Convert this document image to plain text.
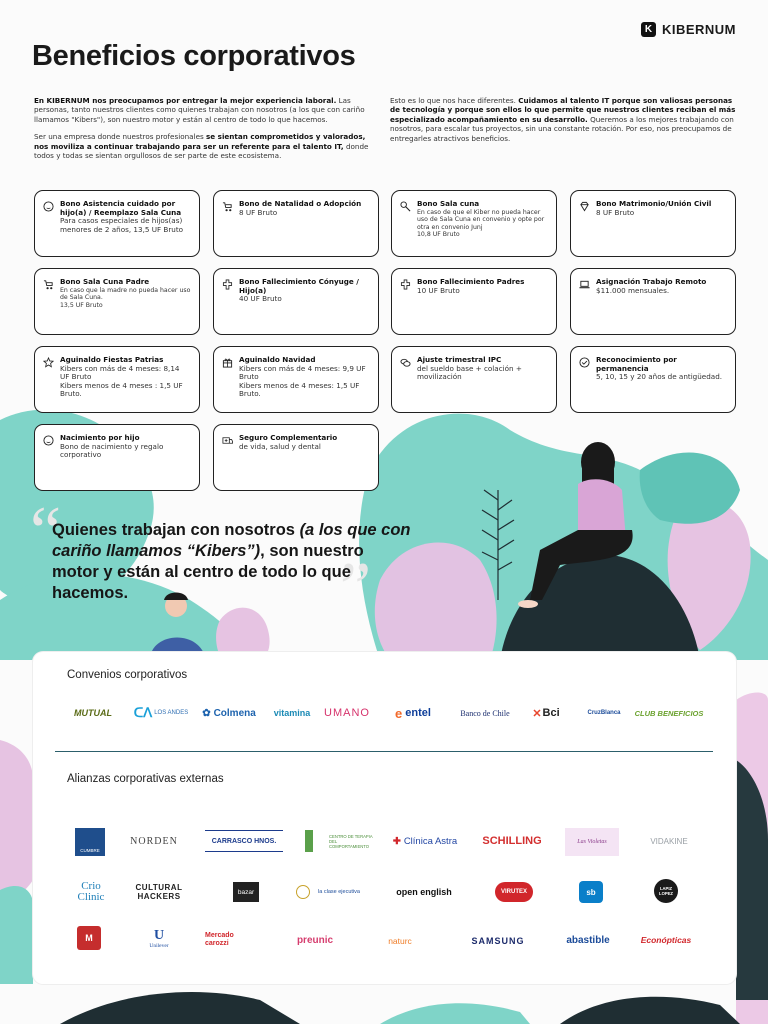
K KIBERNUM
Beneficios corporativos

En KIBERNUM nos preocupamos por entregar la mejor experiencia laboral. Las personas, tanto nuestros clientes como quienes trabajan con nosotros (a los que con cariño llamamos "Kibers"), son nuestro motor y están al centro de todo lo que hacemos.

Ser una empresa donde nuestros profesionales se sientan comprometidos y valorados, nos moviliza a continuar trabajando para ser un referente para el talento IT, donde todos y todas se sientan orgullosos de ser parte de este ecosistema.

Esto es lo que nos hace diferentes. Cuidamos al talento IT porque son valiosas personas de tecnología y porque son ellos lo que permite que nuestros clientes reciban el más especializado acompañamiento en su desarrollo. Queremos a los mejores trabajando con nosotros, para escalar tus proyectos, sin una constante rotación. Por eso, nos preocupamos de entregarles atractivos beneficios.

Bono Asistencia cuidado por hijo(a) / Reemplazo Sala Cuna
Para casos especiales de hijos(as) menores de 2 años, 13,5 UF Bruto
Bono de Natalidad o Adopción
8 UF Bruto
Bono Sala cuna
En caso de que el Kiber no pueda hacer uso de Sala Cuna en convenio y opte por otra en convenio Junj
10,8 UF Bruto
Bono Matrimonio/Unión Civil
8 UF Bruto
Bono Sala Cuna Padre
En caso que la madre no pueda hacer uso de Sala Cuna.
13,5 UF Bruto
Bono Fallecimiento Cónyuge / Hijo(a)
40 UF Bruto
Bono Fallecimiento Padres
10 UF Bruto
Asignación Trabajo Remoto
$11.000 mensuales.
Aguinaldo Fiestas Patrias
Kibers con más de 4 meses: 8,14 UF Bruto
Kibers menos de 4 meses : 1,5 UF Bruto.
Aguinaldo Navidad
Kibers con más de 4 meses: 9,9 UF Bruto
Kibers menos de 4 meses: 1,5 UF Bruto.
Ajuste trimestral IPC
del sueldo base + colación + movilización
Reconocimiento por permanencia
5, 10, 15 y 20 años de antigüedad.
Nacimiento por hijo
Bono de nacimiento y regalo corporativo
Seguro Complementario
de vida, salud y dental
“
”
Quienes trabajan con nosotros (a los que con cariño llamamos “Kibers”), son nuestro motor y están al centro de todo lo que hacemos.
Convenios corporativos
MUTUAL	ᑕᐱ LOS ANDES ✿ Colmena	vitamina	UMANO	e entel	Banco de Chile	✕ Bci	CruzBlanca	CLUB BENEFICIOS
Alianzas corporativas externas
CUMBRE
NORDEN	CARRASCO HNOS.
CENTRO DE TERAPIA DEL COMPORTAMIENTO	✚ Clínica Astra	SCHILLING	Las Violetas	VIDAKINE
Crio Clinic
CULTURAL HACKERS	bazar	la clase ejecutiva	open english	VIRUTEX	sb	LAPIZ LOPEZ
M	U
Unilever
Mercado carozzi	preunic	naturc	SAMSUNG	abastible	Econópticas
